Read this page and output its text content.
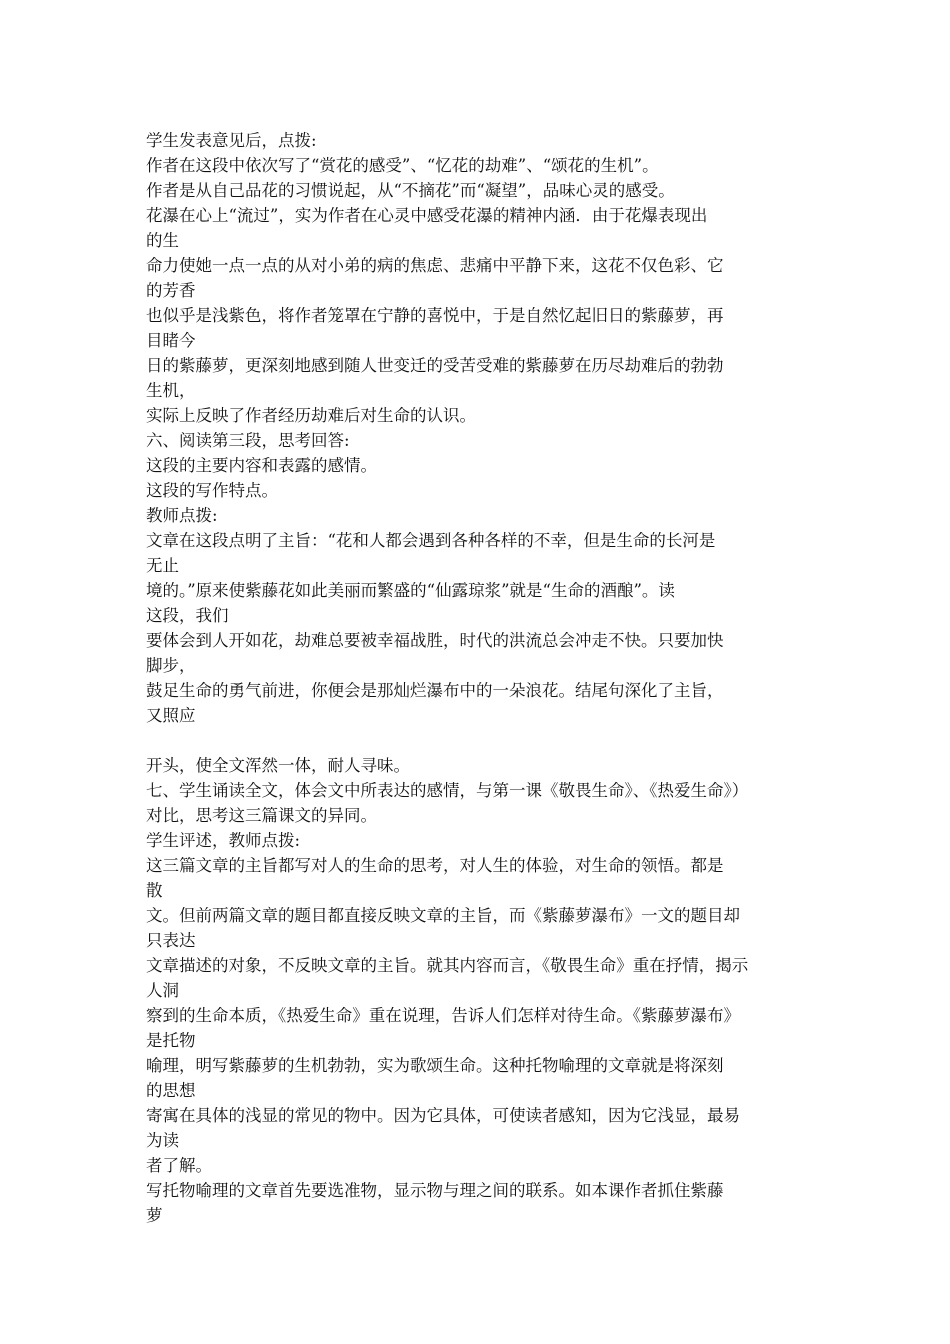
学生发表意见后，点拨:
作者在这段中依次写了“赏花的感受”、“忆花的劫难”、“颂花的生机”。
作者是从自己品花的习惯说起，从“不摘花”而“凝望”，品味心灵的感受。
花瀑在心上“流过”，实为作者在心灵中感受花瀑的精神内涵．由于花爆表现出
的生
命力使她一点一点的从对小弟的病的焦虑、悲痛中平静下来，这花不仅色彩、它
的芳香
也似乎是浅紫色，将作者笼罩在宁静的喜悦中，于是自然忆起旧日的紫藤萝，再
目睹今
日的紫藤萝，更深刻地感到随人世变迁的受苦受难的紫藤萝在历尽劫难后的勃勃
生机，
实际上反映了作者经历劫难后对生命的认识。
六、阅读第三段，思考回答:
这段的主要内容和表露的感情。
这段的写作特点。
教师点拨:
文章在这段点明了主旨：“花和人都会遇到各种各样的不幸，但是生命的长河是
无止
境的。”原来使紫藤花如此美丽而繁盛的“仙露琼浆”就是“生命的酒酿”。读
这段，我们
要体会到人开如花，劫难总要被幸福战胜，时代的洪流总会冲走不快。只要加快
脚步，
鼓足生命的勇气前进，你便会是那灿烂瀑布中的一朵浪花。结尾句深化了主旨，
又照应
开头，使全文浑然一体，耐人寻味。
七、学生诵读全文，体会文中所表达的感情，与第一课《敬畏生命》、《热爱生命》）
对比，思考这三篇课文的异同。
学生评述，教师点拨:
这三篇文章的主旨都写对人的生命的思考，对人生的体验，对生命的领悟。都是
散
文。但前两篇文章的题目都直接反映文章的主旨，而《紫藤萝瀑布》一文的题目却
只表达
文章描述的对象，不反映文章的主旨。就其内容而言，《敬畏生命》重在抒情，揭示
人洞
察到的生命本质，《热爱生命》重在说理，告诉人们怎样对待生命。《紫藤萝瀑布》
是托物
喻理，明写紫藤萝的生机勃勃，实为歌颂生命。这种托物喻理的文章就是将深刻
的思想
寄寓在具体的浅显的常见的物中。因为它具体，可使读者感知，因为它浅显，最易
为读
者了解。
写托物喻理的文章首先要选准物，显示物与理之间的联系。如本课作者抓住紫藤
萝
